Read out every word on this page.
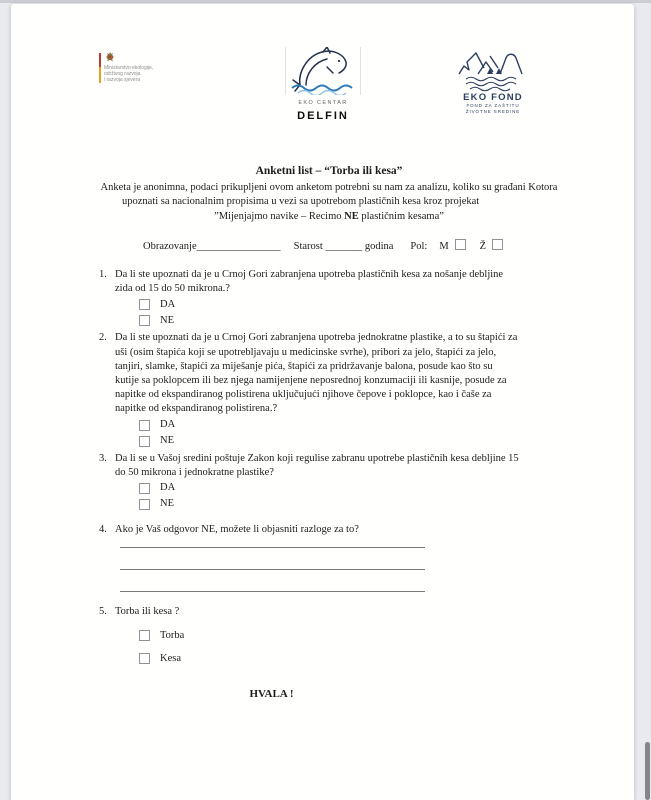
Ministarstvo ekologije,
održivog razvoja
i razvoja sjevera
EKO CENTAR
DELFIN
EKO FOND
FOND ZA ZAŠTITU
ŽIVOTNE SREDINE
Anketni list – “Torba ili kesa”
Anketa je anonimna, podaci prikupljeni ovom anketom potrebni su nam za analizu, koliko su građani Kotora
upoznati sa nacionalnim propisima u vezi sa upotrebom plastičnih kesa kroz projekat
”Mijenjajmo navike – Recimo NE plastičnim kesama”
Obrazovanje________________ Starost _______ godina Pol: M	Ž
1. Da li ste upoznati da je u Crnoj Gori zabranjena upotreba plastičnih kesa za nošanje debljine zida od 15 do 50 mikrona.?
DA
NE
2. Da li ste upoznati da je u Crnoj Gori zabranjena upotreba jednokratne plastike, a to su štapići za uši (osim štapića koji se upotrebljavaju u medicinske svrhe), pribori za jelo, štapići za jelo, tanjiri, slamke, štapići za miješanje pića, štapići za pridržavanje balona, posude kao što su kutije sa poklopcem ili bez njega namijenjene neposrednoj konzumaciji ili kasnije, posude za napitke od ekspandiranog polistirena uključujući njihove čepove i poklopce, kao i čaše za napitke od ekspandiranog polistirena.?
DA
NE
3. Da li se u Vašoj sredini poštuje Zakon koji regulise zabranu upotrebe plastičnih kesa debljine 15 do 50 mikrona i jednokratne plastike?
DA
NE
4. Ako je Vaš odgovor NE, možete li objasniti razloge za to?
5. Torba ili kesa ?
Torba
Kesa
HVALA !
